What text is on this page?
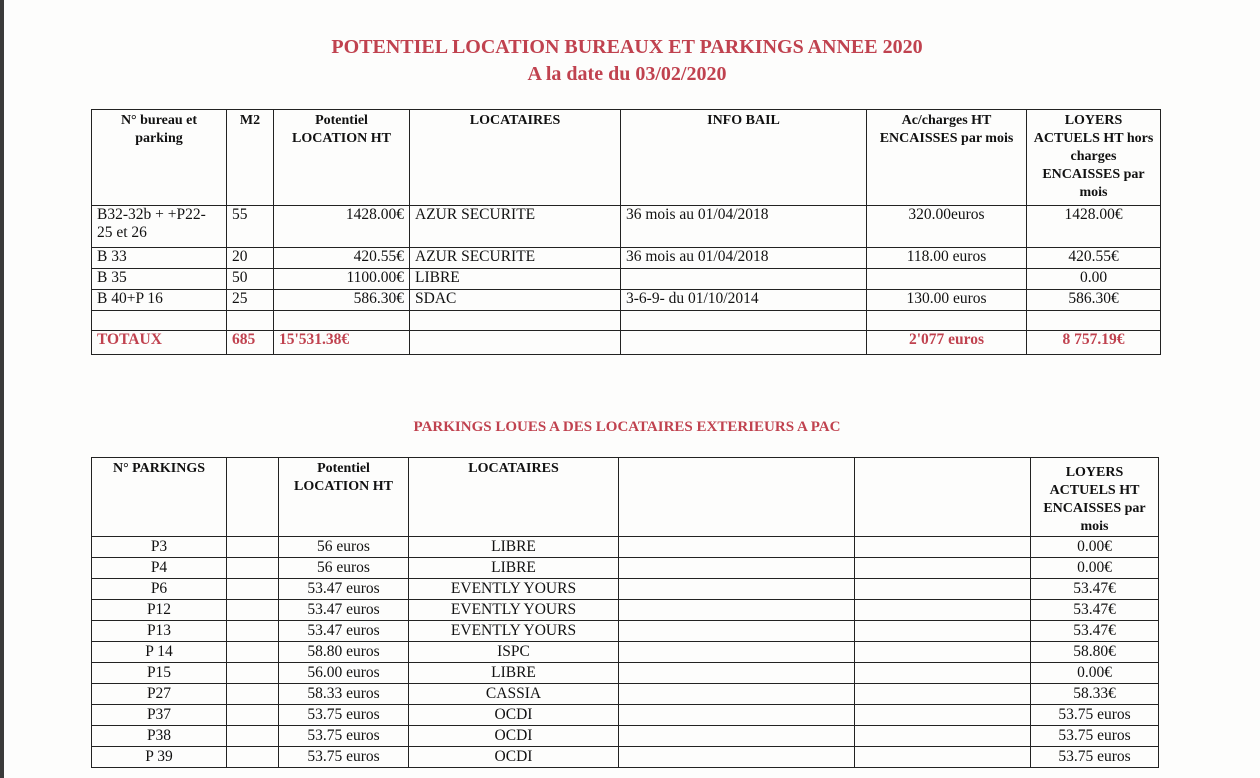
POTENTIEL LOCATION BUREAUX ET PARKINGS ANNEE 2020
A la date du 03/02/2020
N° bureau et parking	M2	Potentiel LOCATION HT	LOCATAIRES	INFO BAIL	Ac/charges HT ENCAISSES par mois	LOYERS ACTUELS HT hors charges ENCAISSES par mois
B32-32b + +P22-25 et 26	55	1428.00€	AZUR SECURITE	36 mois au 01/04/2018	320.00euros	1428.00€
B 33	20	420.55€	AZUR SECURITE	36 mois au 01/04/2018	118.00 euros	420.55€
B 35	50	1100.00€	LIBRE			0.00
B 40+P 16	25	586.30€	SDAC	3-6-9- du 01/10/2014	130.00 euros	586.30€

TOTAUX	685	15'531.38€			2'077 euros	8 757.19€
PARKINGS LOUES A DES LOCATAIRES EXTERIEURS A PAC
N° PARKINGS		Potentiel LOCATION HT	LOCATAIRES			LOYERS ACTUELS HT ENCAISSES par mois
P3		56 euros	LIBRE			0.00€
P4		56 euros	LIBRE			0.00€
P6		53.47 euros	EVENTLY YOURS			53.47€
P12		53.47 euros	EVENTLY YOURS			53.47€
P13		53.47 euros	EVENTLY YOURS			53.47€
P 14		58.80 euros	ISPC			58.80€
P15		56.00 euros	LIBRE			0.00€
P27		58.33 euros	CASSIA			58.33€
P37		53.75 euros	OCDI			53.75 euros
P38		53.75 euros	OCDI			53.75 euros
P 39		53.75 euros	OCDI			53.75 euros
